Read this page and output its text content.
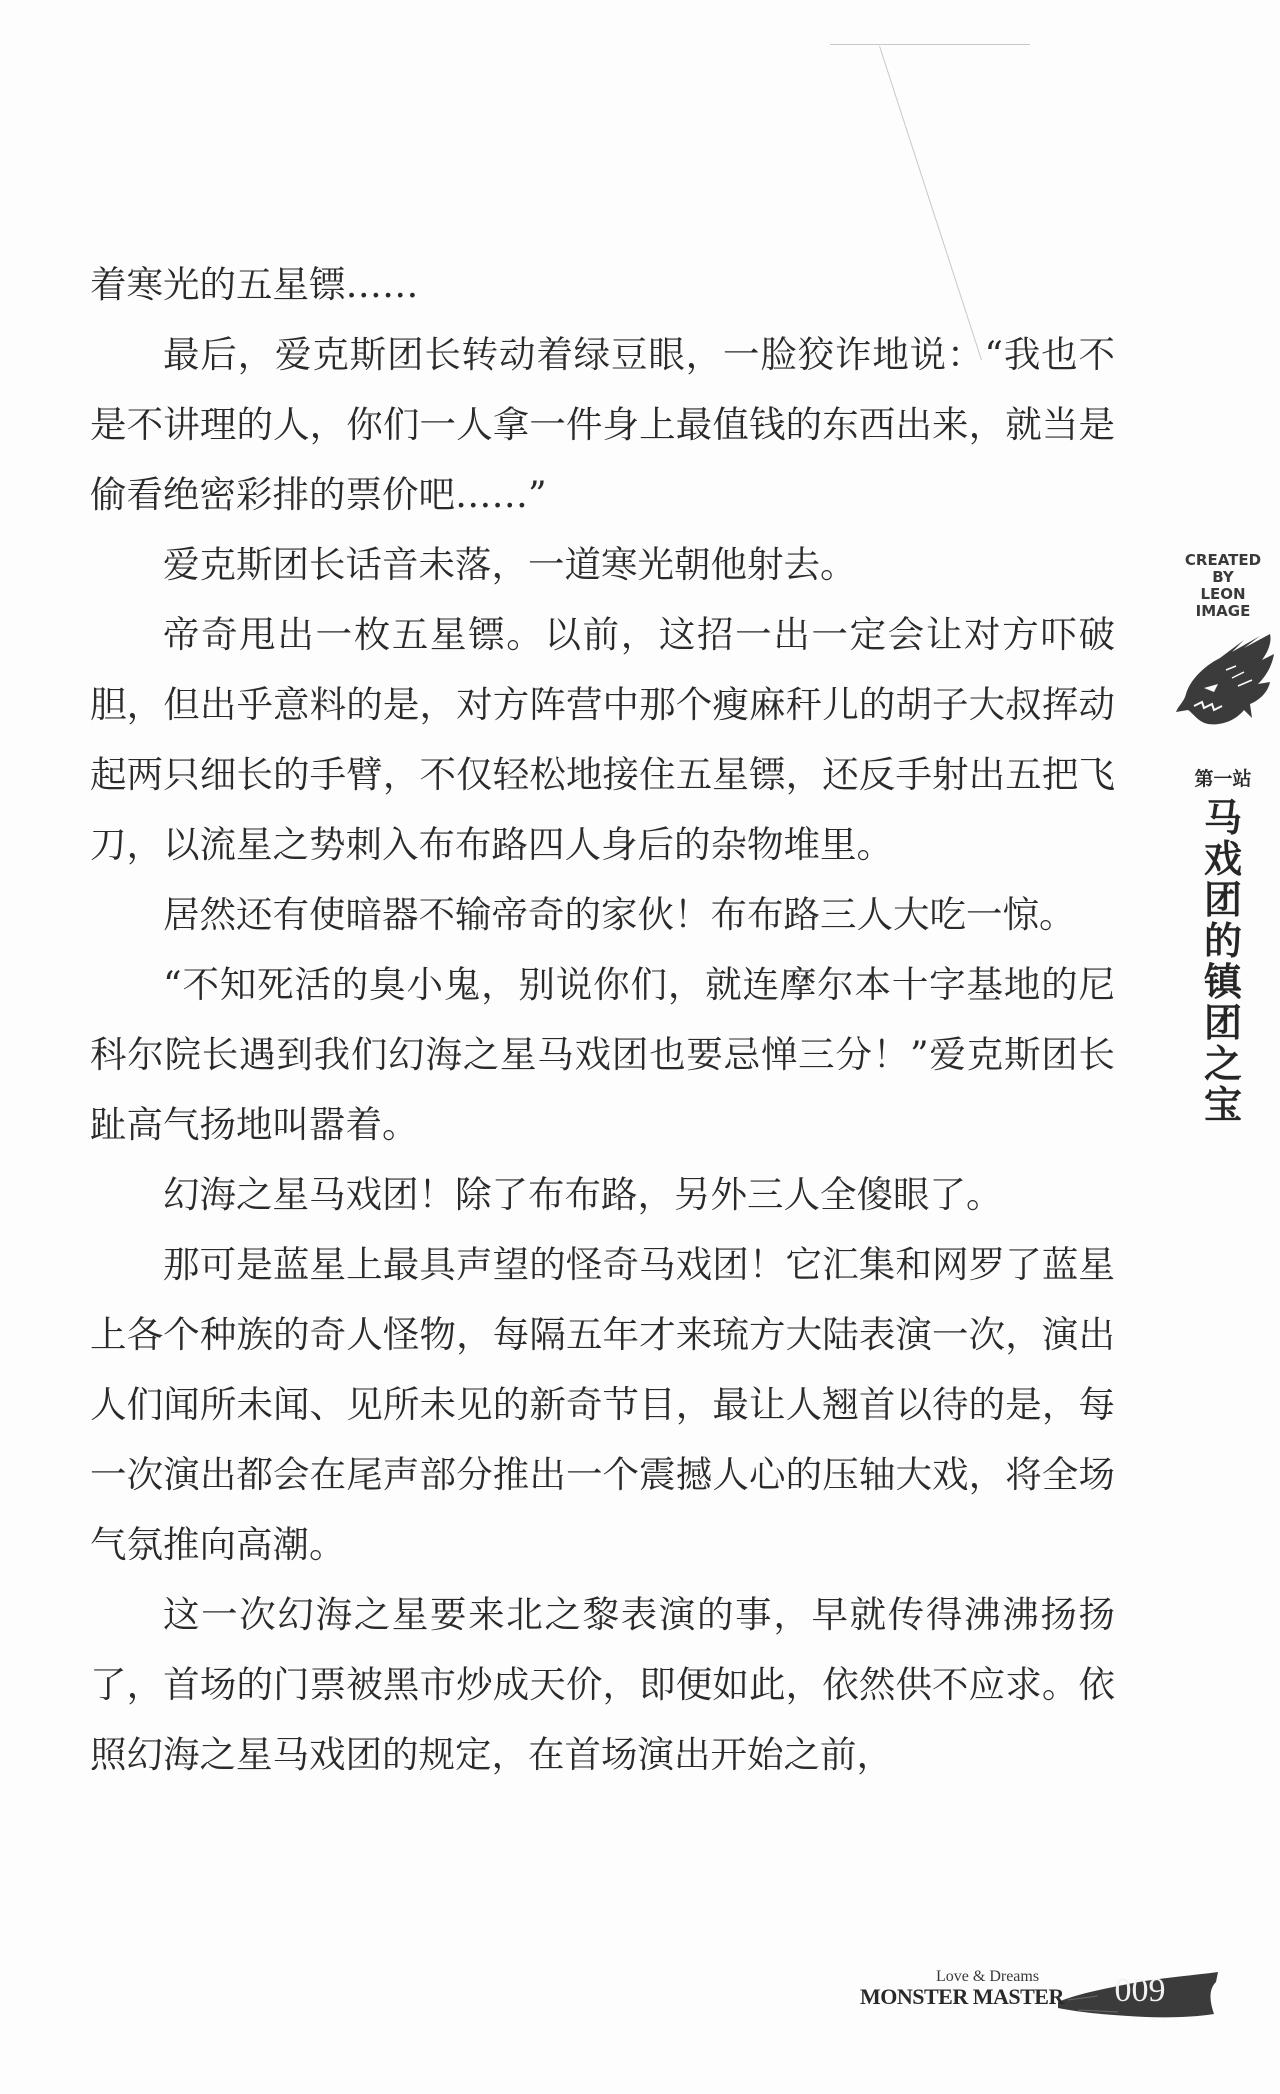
着寒光的五星镖……

最后，爱克斯团长转动着绿豆眼，一脸狡诈地说：“我也不是不讲理的人，你们一人拿一件身上最值钱的东西出来，就当是偷看绝密彩排的票价吧……”

爱克斯团长话音未落，一道寒光朝他射去。

帝奇甩出一枚五星镖。以前，这招一出一定会让对方吓破胆，但出乎意料的是，对方阵营中那个瘦麻秆儿的胡子大叔挥动起两只细长的手臂，不仅轻松地接住五星镖，还反手射出五把飞刀，以流星之势刺入布布路四人身后的杂物堆里。

居然还有使暗器不输帝奇的家伙！布布路三人大吃一惊。

“不知死活的臭小鬼，别说你们，就连摩尔本十字基地的尼科尔院长遇到我们幻海之星马戏团也要忌惮三分！”爱克斯团长趾高气扬地叫嚣着。

幻海之星马戏团！除了布布路，另外三人全傻眼了。

那可是蓝星上最具声望的怪奇马戏团！它汇集和网罗了蓝星上各个种族的奇人怪物，每隔五年才来琉方大陆表演一次，演出人们闻所未闻、见所未见的新奇节目，最让人翘首以待的是，每一次演出都会在尾声部分推出一个震撼人心的压轴大戏，将全场气氛推向高潮。

这一次幻海之星要来北之黎表演的事，早就传得沸沸扬扬了，首场的门票被黑市炒成天价，即便如此，依然供不应求。依照幻海之星马戏团的规定，在首场演出开始之前，

CREATED
BY
LEON
IMAGE
第一站
马戏团的镇团之宝
Love & Dreams
MONSTER MASTER	009
